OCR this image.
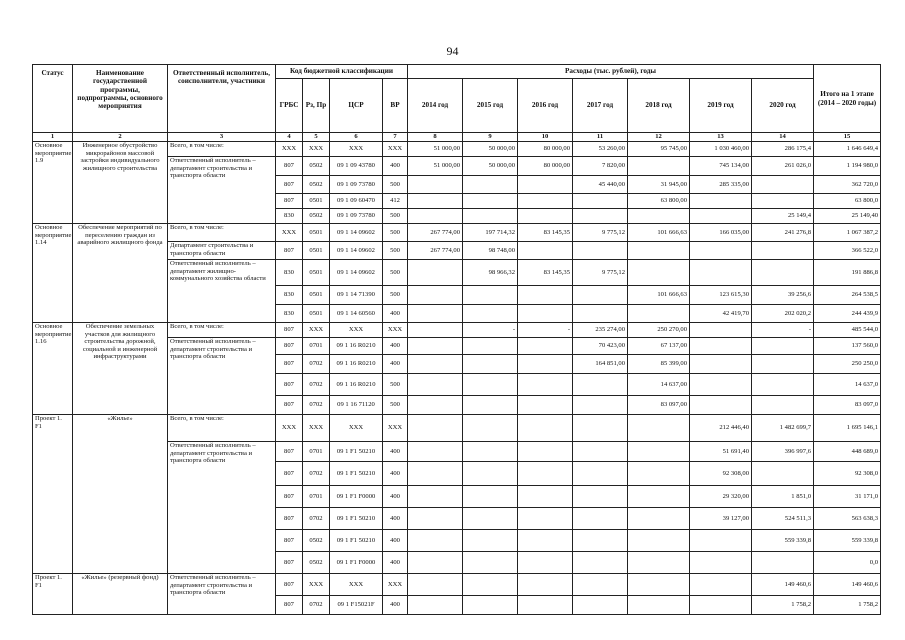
94
Статус	Наименование государственной программы, подпрограммы, основного мероприятия	Ответственный исполнитель, соисполнители, участники	Код бюджетной классификации				Расходы (тыс. рублей), годы							Итого на 1 этапе (2014 – 2020 годы)
			ГРБС	Рз, Пр	ЦСР	ВР	2014 год	2015 год	2016 год	2017 год	2018 год	2019 год	2020 год	
1	2	3	4	5	6	7	8	9	10	11	12	13	14	15
Основное мероприятие 1.9	Инженерное обустройство микрорайонов массовой застройки индивидуального жилищного строительства	Всего, в том числе:	XXX	XXX	XXX	XXX	51 000,00	50 000,00	80 000,00	53 260,00	95 745,00	1 030 460,00	286 175,4	1 646 649,4
		Ответственный исполнитель – департамент строительства и транспорта области	807	0502	09 1 09 43780	400	51 000,00	50 000,00	80 000,00	7 820,00		745 134,00	261 026,0	1 194 980,0
			807	0502	09 1 09 73780	500				45 440,00	31 945,00	285 335,00		362 720,0
			807	0501	09 1 09 60470	412					63 800,00			63 800,0
			830	0502	09 1 09 73780	500							25 149,4	25 149,40
Основное мероприятие 1.14	Обеспечение мероприятий по переселению граждан из аварийного жилищного фонда	Всего, в том числе:	XXX	0501	09 1 14 09602	500	267 774,00	197 714,32	83 145,35	9 775,12	101 666,63	166 035,00	241 276,8	1 067 387,2
		Департамент строительства и транспорта области	807	0501	09 1 14 09602	500	267 774,00	98 748,00						366 522,0
		Ответственный исполнитель – департамент жилищно-коммунального хозяйства области	830	0501	09 1 14 09602	500		98 966,32	83 145,35	9 775,12				191 886,8
			830	0501	09 1 14 71390	500					101 666,63	123 615,30	39 256,6	264 538,5
			830	0501	09 1 14 60560	400						42 419,70	202 020,2	244 439,9
Основное мероприятие 1.16	Обеспечение земельных участков для жилищного строительства дорожной, социальной и инженерной инфраструктурами	Всего, в том числе:	807	XXX	XXX	XXX		-	-	235 274,00	250 270,00		-	485 544,0
		Ответственный исполнитель – департамент строительства и транспорта области	807	0701	09 1 16 R0210	400				70 423,00	67 137,00			137 560,0
			807	0702	09 1 16 R0210	400				164 851,00	85 399,00			250 250,0
			807	0702	09 1 16 R0210	500					14 637,00			14 637,0
			807	0702	09 1 16 71120	500					83 097,00			83 097,0
Проект 1. F1	«Жилье»	Всего, в том числе:	XXX	XXX	XXX	XXX						212 446,40	1 482 699,7	1 695 146,1
		Ответственный исполнитель – департамент строительства и транспорта области	807	0701	09 1 F1 50210	400						51 691,40	396 997,6	448 689,0
			807	0702	09 1 F1 50210	400						92 308,00		92 308,0
			807	0701	09 1 F1 F0000	400						29 320,00	1 851,0	31 171,0
			807	0702	09 1 F1 50210	400						39 127,00	524 511,3	563 638,3
			807	0502	09 1 F1 50210	400							559 339,8	559 339,8
			807	0502	09 1 F1 F0000	400								0,0
Проект 1. F1	«Жилье» (резервный фонд)	Ответственный исполнитель – департамент строительства и транспорта области	807	XXX	XXX	XXX							149 460,6	149 460,6
			807	0702	09 1 F15021F	400							1 758,2	1 758,2
